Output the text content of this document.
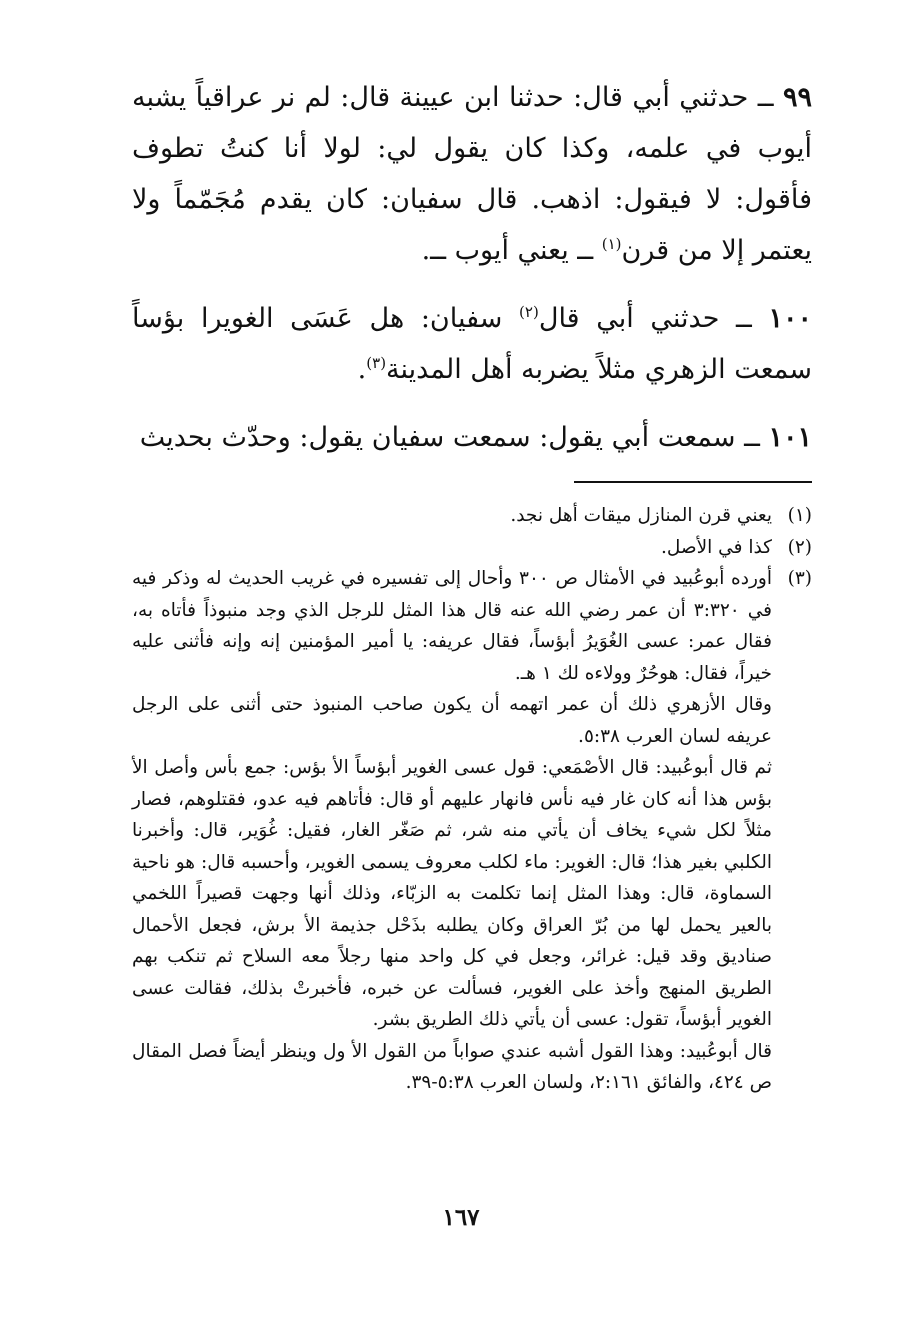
٩٩ ــ حدثني أبي قال: حدثنا ابن عيينة قال: لم نر عراقياً يشبه أيوب في علمه، وكذا كان يقول لي: لولا أنا كنتُ تطوف فأقول: لا فيقول: اذهب. قال سفيان: كان يقدم مُجَمّماً ولا يعتمر إلا من قرن$^{(١)}$ ــ يعني أيوب ــ.

١٠٠ ــ حدثني أبي قال$^{(٢)}$ سفيان: هل عَسَى الغويرا بؤساً سمعت الزهري مثلاً يضربه أهل المدينة$^{(٣)}$.

١٠١ ــ سمعت أبي يقول: سمعت سفيان يقول: وحدّث بحديث

(١)
يعني قرن المنازل ميقات أهل نجد.
(٢)
كذا في الأصل.
(٣)
أورده أبوعُبيد في الأمثال ص ٣٠٠ وأحال إلى تفسيره في غريب الحديث له وذكر فيه في ٣:٣٢٠ أن عمر رضي الله عنه قال هذا المثل للرجل الذي وجد منبوذاً فأتاه به، فقال عمر: عسى الغُوَيرُ أبؤساً، فقال عريفه: يا أمير المؤمنين إنه وإنه فأثنى عليه خيراً، فقال: هوحُرٌ وولاءه لك ١ هـ.
وقال الأزهري ذلك أن عمر اتهمه أن يكون صاحب المنبوذ حتى أثنى على الرجل عريفه لسان العرب ٥:٣٨.
ثم قال أبوعُبيد: قال الأصْمَعي: قول عسى الغوير أبؤساً الأ بؤس: جمع بأس وأصل الأ بؤس هذا أنه كان غار فيه نأس فانهار عليهم أو قال: فأتاهم فيه عدو، فقتلوهم، فصار مثلاً لكل شيء يخاف أن يأتي منه شر، ثم صَغّر الغار، فقيل: غُوَير، قال: وأخبرنا الكلبي بغير هذا؛ قال: الغوير: ماء لكلب معروف يسمى الغوير، وأحسبه قال: هو ناحية السماوة، قال: وهذا المثل إنما تكلمت به الزبّاء، وذلك أنها وجهت قصيراً اللخمي بالعير يحمل لها من بُرّ العراق وكان يطلبه بذَحْل جذيمة الأ برش، فجعل الأحمال صناديق وقد قيل: غرائر، وجعل في كل واحد منها رجلاً معه السلاح ثم تنكب بهم الطريق المنهج وأخذ على الغوير، فسألت عن خبره، فأخبرتْ بذلك، فقالت عسى الغوير أبؤساً، تقول: عسى أن يأتي ذلك الطريق بشر.
قال أبوعُبيد: وهذا القول أشبه عندي صواباً من القول الأ ول وينظر أيضاً فصل المقال ص ٤٢٤، والفائق ٢:١٦١، ولسان العرب ٥:٣٨-٣٩.
١٦٧
